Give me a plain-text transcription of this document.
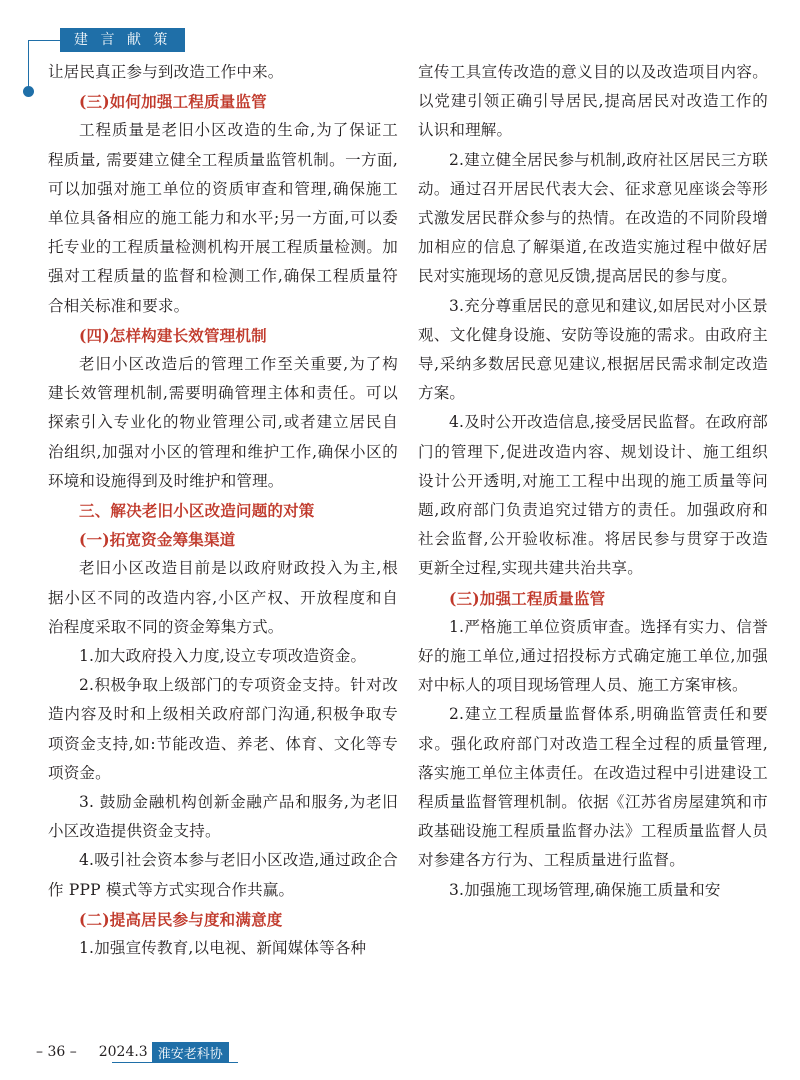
建 言 献 策

让居民真正参与到改造工作中来。

(三)如何加强工程质量监管

工程质量是老旧小区改造的生命,为了保证工程质量, 需要建立健全工程质量监管机制。一方面,可以加强对施工单位的资质审查和管理,确保施工单位具备相应的施工能力和水平;另一方面,可以委托专业的工程质量检测机构开展工程质量检测。加强对工程质量的监督和检测工作,确保工程质量符合相关标准和要求。

(四)怎样构建长效管理机制

老旧小区改造后的管理工作至关重要,为了构建长效管理机制,需要明确管理主体和责任。可以探索引入专业化的物业管理公司,或者建立居民自治组织,加强对小区的管理和维护工作,确保小区的环境和设施得到及时维护和管理。

三、解决老旧小区改造问题的对策

(一)拓宽资金筹集渠道

老旧小区改造目前是以政府财政投入为主,根据小区不同的改造内容,小区产权、开放程度和自治程度采取不同的资金筹集方式。

1.加大政府投入力度,设立专项改造资金。

2.积极争取上级部门的专项资金支持。针对改造内容及时和上级相关政府部门沟通,积极争取专项资金支持,如:节能改造、养老、体育、文化等专项资金。

3. 鼓励金融机构创新金融产品和服务,为老旧小区改造提供资金支持。

4.吸引社会资本参与老旧小区改造,通过政企合作 PPP 模式等方式实现合作共赢。

(二)提高居民参与度和满意度

1.加强宣传教育,以电视、新闻媒体等各种

宣传工具宣传改造的意义目的以及改造项目内容。以党建引领正确引导居民,提高居民对改造工作的认识和理解。

2.建立健全居民参与机制,政府社区居民三方联动。通过召开居民代表大会、征求意见座谈会等形式激发居民群众参与的热情。在改造的不同阶段增加相应的信息了解渠道,在改造实施过程中做好居民对实施现场的意见反馈,提高居民的参与度。

3.充分尊重居民的意见和建议,如居民对小区景观、文化健身设施、安防等设施的需求。由政府主导,采纳多数居民意见建议,根据居民需求制定改造方案。

4.及时公开改造信息,接受居民监督。在政府部门的管理下,促进改造内容、规划设计、施工组织设计公开透明,对施工工程中出现的施工质量等问题,政府部门负责追究过错方的责任。加强政府和社会监督,公开验收标准。将居民参与贯穿于改造更新全过程,实现共建共治共享。

(三)加强工程质量监管

1.严格施工单位资质审查。选择有实力、信誉好的施工单位,通过招投标方式确定施工单位,加强对中标人的项目现场管理人员、施工方案审核。

2.建立工程质量监督体系,明确监管责任和要求。强化政府部门对改造工程全过程的质量管理,落实施工单位主体责任。在改造过程中引进建设工程质量监督管理机制。依据《江苏省房屋建筑和市政基础设施工程质量监督办法》工程质量监督人员对参建各方行为、工程质量进行监督。

3.加强施工现场管理,确保施工质量和安

– 36 – 2024.3 淮安老科协
